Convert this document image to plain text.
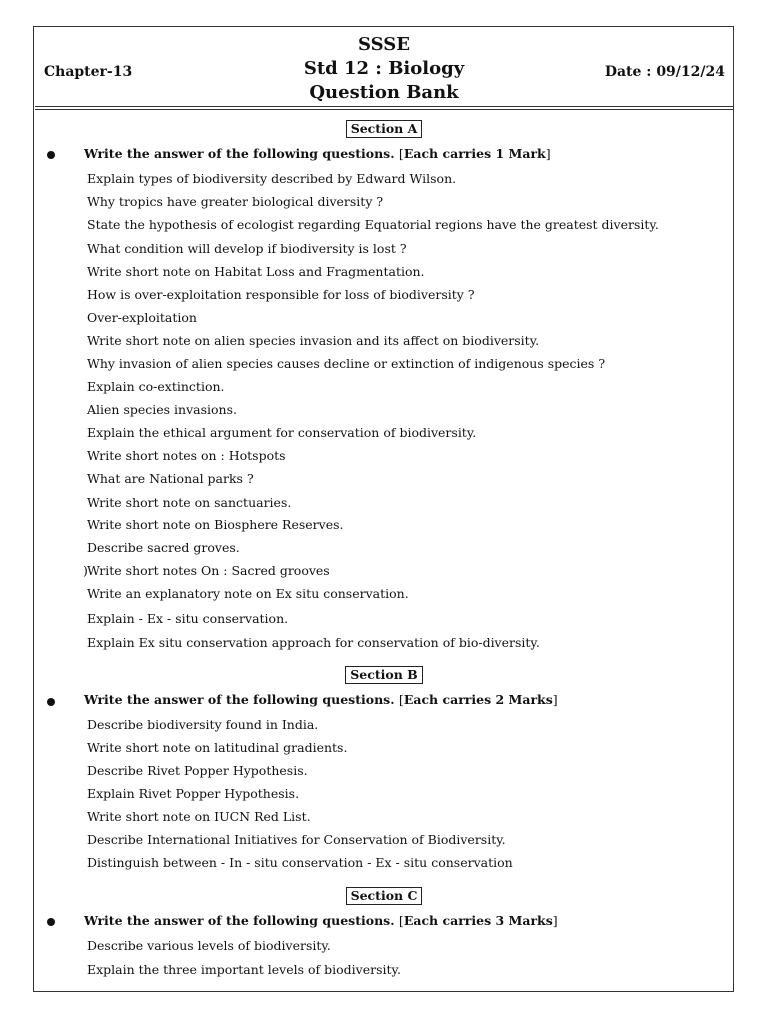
SSSE
Std 12 : Biology
Question Bank
Chapter-13	Date : 09/12/24
Section A
Write the answer of the following questions. [Each carries 1 Mark]
Explain types of biodiversity described by Edward Wilson.
Why tropics have greater biological diversity ?
State the hypothesis of ecologist regarding Equatorial regions have the greatest diversity.
What condition will develop if biodiversity is lost ?
Write short note on Habitat Loss and Fragmentation.
How is over-exploitation responsible for loss of biodiversity ?
Over-exploitation
Write short note on alien species invasion and its affect on biodiversity.
Why invasion of alien species causes decline or extinction of indigenous species ?
Explain co-extinction.
Alien species invasions.
Explain the ethical argument for conservation of biodiversity.
Write short notes on : Hotspots
What are National parks ?
Write short note on sanctuaries.
Write short note on Biosphere Reserves.
Describe sacred groves.
) Write short notes On : Sacred grooves
Write an explanatory note on Ex situ conservation.
Explain - Ex - situ conservation.
Explain Ex situ conservation approach for conservation of bio-diversity.
Section B
Write the answer of the following questions. [Each carries 2 Marks]
Describe biodiversity found in India.
Write short note on latitudinal gradients.
Describe Rivet Popper Hypothesis.
Explain Rivet Popper Hypothesis.
Write short note on IUCN Red List.
Describe International Initiatives for Conservation of Biodiversity.
Distinguish between - In - situ conservation - Ex - situ conservation
Section C
Write the answer of the following questions. [Each carries 3 Marks]
Describe various levels of biodiversity.
Explain the three important levels of biodiversity.
